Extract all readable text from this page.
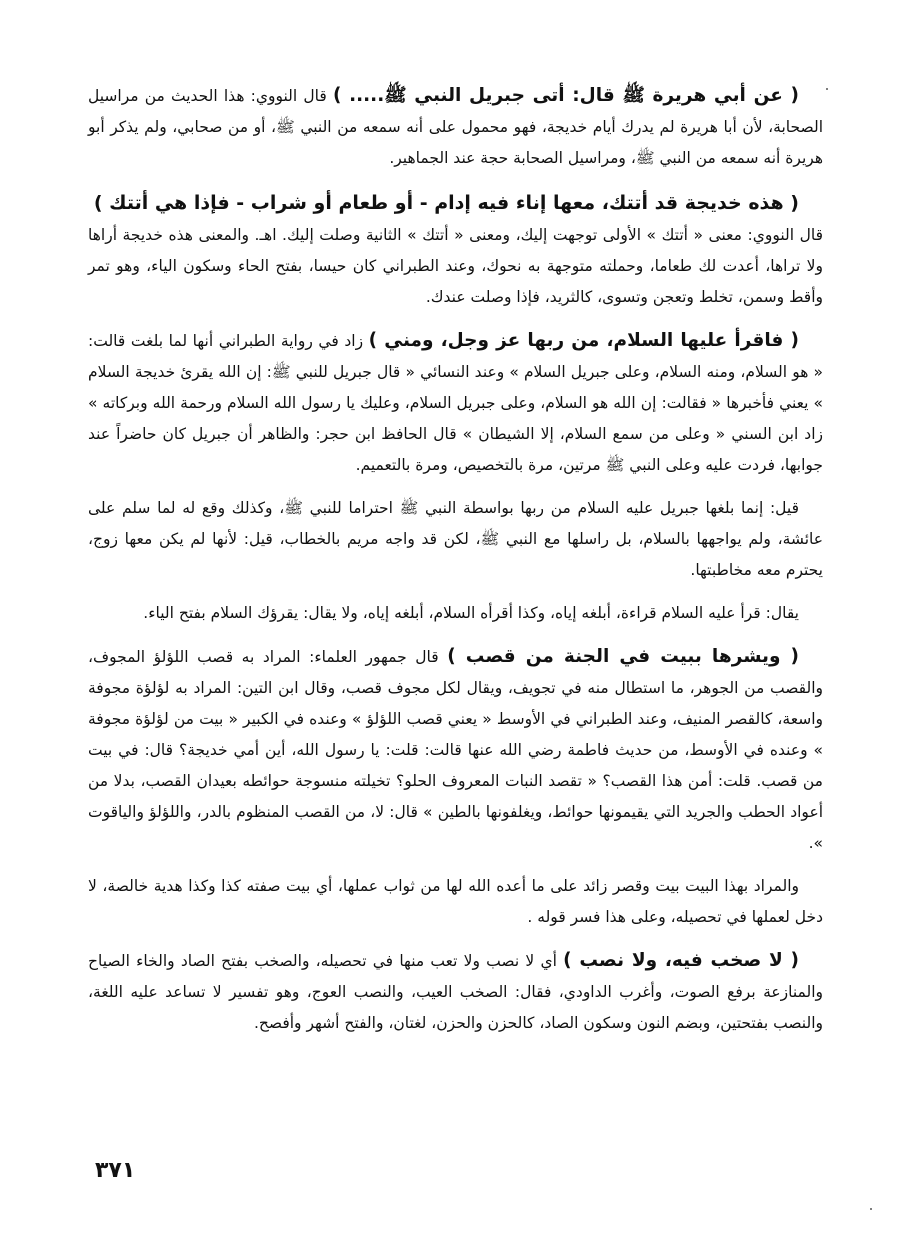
( عن أبي هريرة ﷺ قال: أتى جبريل النبي ﷺ..... ) قال النووي: هذا الحديث من مراسيل الصحابة، لأن أبا هريرة لم يدرك أيام خديجة، فهو محمول على أنه سمعه من النبي ﷺ، أو من صحابي، ولم يذكر أبو هريرة أنه سمعه من النبي ﷺ، ومراسيل الصحابة حجة عند الجماهير.

( هذه خديجة قد أتتك، معها إناء فيه إدام - أو طعام أو شراب - فإذا هي أتتك )
قال النووي: معنى « أتتك » الأولى توجهت إليك، ومعنى « أتتك » الثانية وصلت إليك. اهـ. والمعنى هذه خديجة أراها ولا تراها، أعدت لك طعاما، وحملته متوجهة به نحوك، وعند الطبراني كان حيسا، بفتح الحاء وسكون الياء، وهو تمر وأقط وسمن، تخلط وتعجن وتسوى، كالثريد، فإذا وصلت عندك.

( فاقرأ عليها السلام، من ربها عز وجل، ومني ) زاد في رواية الطبراني أنها لما بلغت قالت: « هو السلام، ومنه السلام، وعلى جبريل السلام » وعند النسائي « قال جبريل للنبي ﷺ: إن الله يقرئ خديجة السلام » يعني فأخبرها « فقالت: إن الله هو السلام، وعلى جبريل السلام، وعليك يا رسول الله السلام ورحمة الله وبركاته » زاد ابن السني « وعلى من سمع السلام، إلا الشيطان » قال الحافظ ابن حجر: والظاهر أن جبريل كان حاضراً عند جوابها، فردت عليه وعلى النبي ﷺ مرتين، مرة بالتخصيص، ومرة بالتعميم.

قيل: إنما بلغها جبريل عليه السلام من ربها بواسطة النبي ﷺ احتراما للنبي ﷺ، وكذلك وقع له لما سلم على عائشة، ولم يواجهها بالسلام، بل راسلها مع النبي ﷺ، لكن قد واجه مريم بالخطاب، قيل: لأنها لم يكن معها زوج، يحترم معه مخاطبتها.

يقال: قرأ عليه السلام قراءة، أبلغه إياه، وكذا أقرأه السلام، أبلغه إياه، ولا يقال: يقرؤك السلام بفتح الياء.

( ويشرها ببيت في الجنة من قصب ) قال جمهور العلماء: المراد به قصب اللؤلؤ المجوف، والقصب من الجوهر، ما استطال منه في تجويف، ويقال لكل مجوف قصب، وقال ابن التين: المراد به لؤلؤة مجوفة واسعة، كالقصر المنيف، وعند الطبراني في الأوسط « يعني قصب اللؤلؤ » وعنده في الكبير « بيت من لؤلؤة مجوفة » وعنده في الأوسط، من حديث فاطمة رضي الله عنها قالت: قلت: يا رسول الله، أين أمي خديجة؟ قال: في بيت من قصب. قلت: أمن هذا القصب؟ « تقصد النبات المعروف الحلو؟ تخيلته منسوجة حوائطه بعيدان القصب، بدلا من أعواد الحطب والجريد التي يقيمونها حوائط، ويغلفونها بالطين » قال: لا، من القصب المنظوم بالدر، واللؤلؤ والياقوت ».

والمراد بهذا البيت بيت وقصر زائد على ما أعده الله لها من ثواب عملها، أي بيت صفته كذا وكذا هدية خالصة، لا دخل لعملها في تحصيله، وعلى هذا فسر قوله .

( لا صخب فيه، ولا نصب ) أي لا نصب ولا تعب منها في تحصيله، والصخب بفتح الصاد والخاء الصياح والمنازعة برفع الصوت، وأغرب الداودي، فقال: الصخب العيب، والنصب العوج، وهو تفسير لا تساعد عليه اللغة، والنصب بفتحتين، وبضم النون وسكون الصاد، كالحزن والحزن، لغتان، والفتح أشهر وأفصح.

٣٧١
